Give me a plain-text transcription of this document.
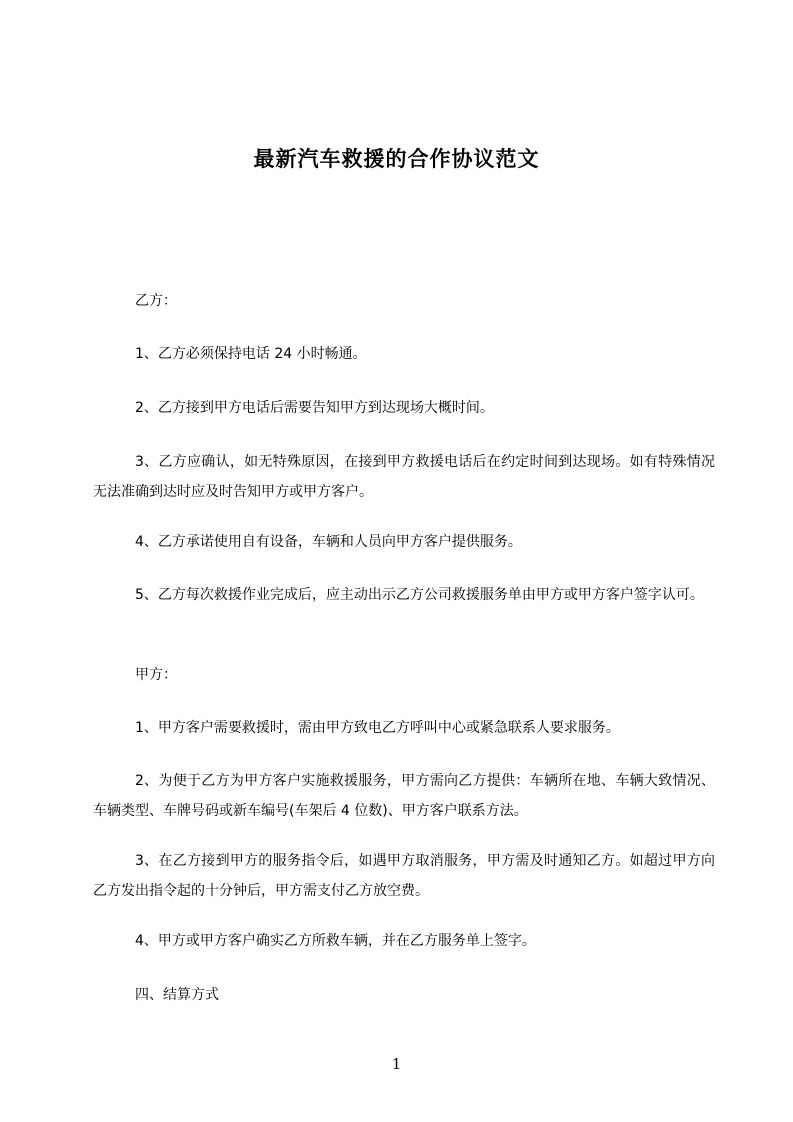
最新汽车救援的合作协议范文

乙方：

1、乙方必须保持电话 24 小时畅通。

2、乙方接到甲方电话后需要告知甲方到达现场大概时间。

3、乙方应确认，如无特殊原因，在接到甲方救援电话后在约定时间到达现场。如有特殊情况无法准确到达时应及时告知甲方或甲方客户。

4、乙方承诺使用自有设备，车辆和人员向甲方客户提供服务。

5、乙方每次救援作业完成后，应主动出示乙方公司救援服务单由甲方或甲方客户签字认可。

甲方：

1、甲方客户需要救援时，需由甲方致电乙方呼叫中心或紧急联系人要求服务。

2、为便于乙方为甲方客户实施救援服务，甲方需向乙方提供：车辆所在地、车辆大致情况、车辆类型、车牌号码或新车编号(车架后 4 位数)、甲方客户联系方法。

3、在乙方接到甲方的服务指令后，如遇甲方取消服务，甲方需及时通知乙方。如超过甲方向乙方发出指令起的十分钟后，甲方需支付乙方放空费。

4、甲方或甲方客户确实乙方所救车辆，并在乙方服务单上签字。

四、结算方式

1
